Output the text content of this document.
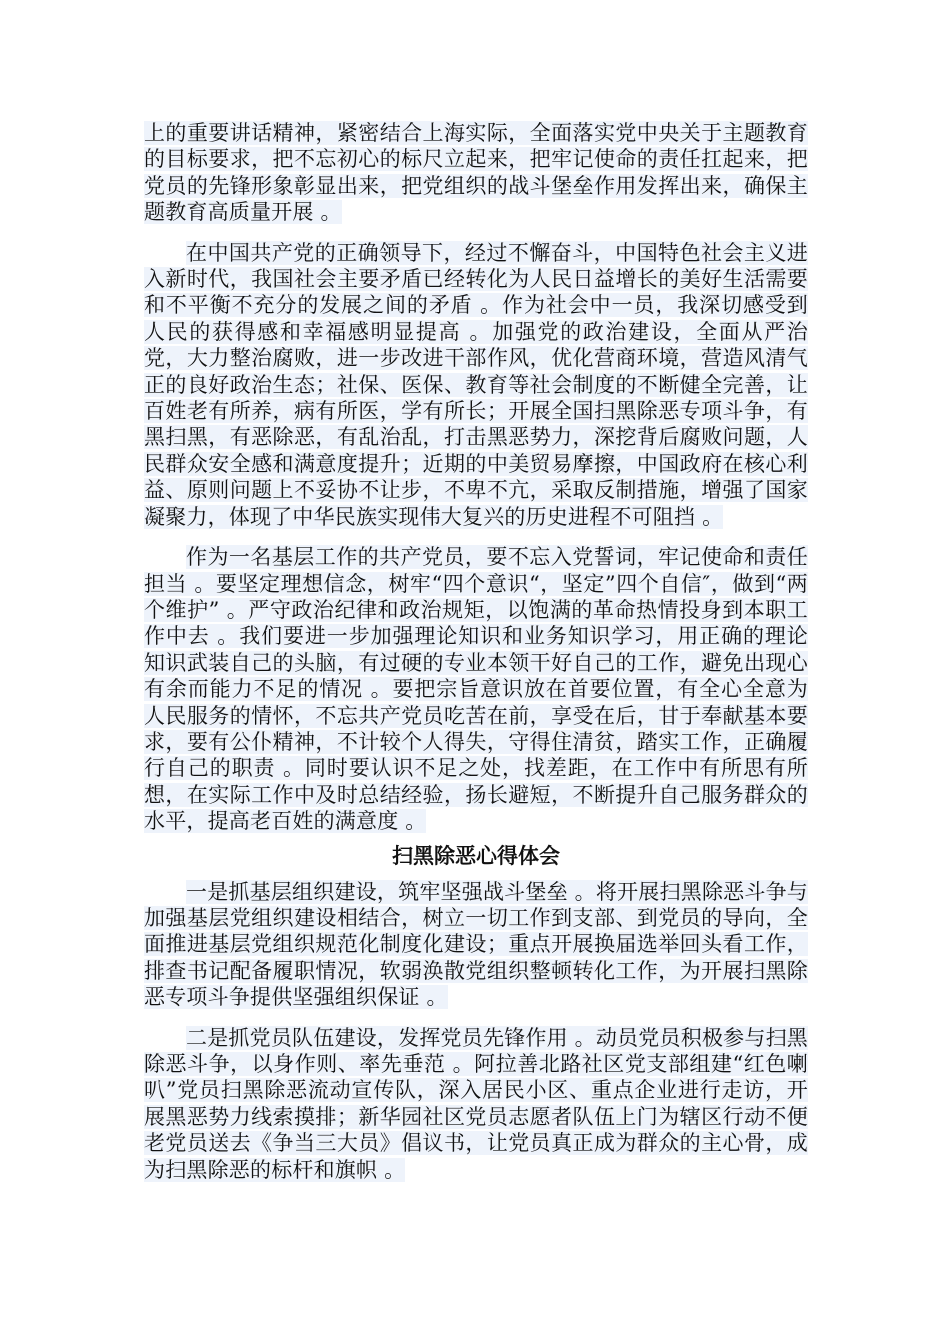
上的重要讲话精神，紧密结合上海实际，全面落实党中央关于主题教育的目标要求，把不忘初心的标尺立起来，把牢记使命的责任扛起来，把党员的先锋形象彰显出来，把党组织的战斗堡垒作用发挥出来，确保主题教育高质量开展 。

在中国共产党的正确领导下，经过不懈奋斗，中国特色社会主义进入新时代，我国社会主要矛盾已经转化为人民日益增长的美好生活需要和不平衡不充分的发展之间的矛盾 。作为社会中一员，我深切感受到人民的获得感和幸福感明显提高 。加强党的政治建设，全面从严治党，大力整治腐败，进一步改进干部作风，优化营商环境，营造风清气正的良好政治生态；社保、医保、教育等社会制度的不断健全完善，让百姓老有所养，病有所医，学有所长；开展全国扫黑除恶专项斗争，有黑扫黑，有恶除恶，有乱治乱，打击黑恶势力，深挖背后腐败问题，人民群众安全感和满意度提升；近期的中美贸易摩擦，中国政府在核心利益、原则问题上不妥协不让步，不卑不亢，采取反制措施，增强了国家凝聚力，体现了中华民族实现伟大复兴的历史进程不可阻挡 。

作为一名基层工作的共产党员，要不忘入党誓词，牢记使命和责任担当 。要坚定理想信念，树牢“四个意识“，坚定”四个自信″，做到“两个维护” 。严守政治纪律和政治规矩，以饱满的革命热情投身到本职工作中去 。我们要进一步加强理论知识和业务知识学习，用正确的理论知识武装自己的头脑，有过硬的专业本领干好自己的工作，避免出现心有余而能力不足的情况 。要把宗旨意识放在首要位置，有全心全意为人民服务的情怀，不忘共产党员吃苦在前，享受在后，甘于奉献基本要求，要有公仆精神，不计较个人得失，守得住清贫，踏实工作，正确履行自己的职责 。同时要认识不足之处，找差距，在工作中有所思有所想，在实际工作中及时总结经验，扬长避短，不断提升自己服务群众的水平，提高老百姓的满意度 。

扫黑除恶心得体会

一是抓基层组织建设，筑牢坚强战斗堡垒 。将开展扫黑除恶斗争与加强基层党组织建设相结合，树立一切工作到支部、到党员的导向，全面推进基层党组织规范化制度化建设；重点开展换届选举回头看工作，排查书记配备履职情况，软弱涣散党组织整顿转化工作，为开展扫黑除恶专项斗争提供坚强组织保证 。

二是抓党员队伍建设，发挥党员先锋作用 。动员党员积极参与扫黑除恶斗争，以身作则、率先垂范 。阿拉善北路社区党支部组建“红色喇叭”党员扫黑除恶流动宣传队，深入居民小区、重点企业进行走访，开展黑恶势力线索摸排；新华园社区党员志愿者队伍上门为辖区行动不便老党员送去《争当三大员》倡议书，让党员真正成为群众的主心骨，成为扫黑除恶的标杆和旗帜 。
